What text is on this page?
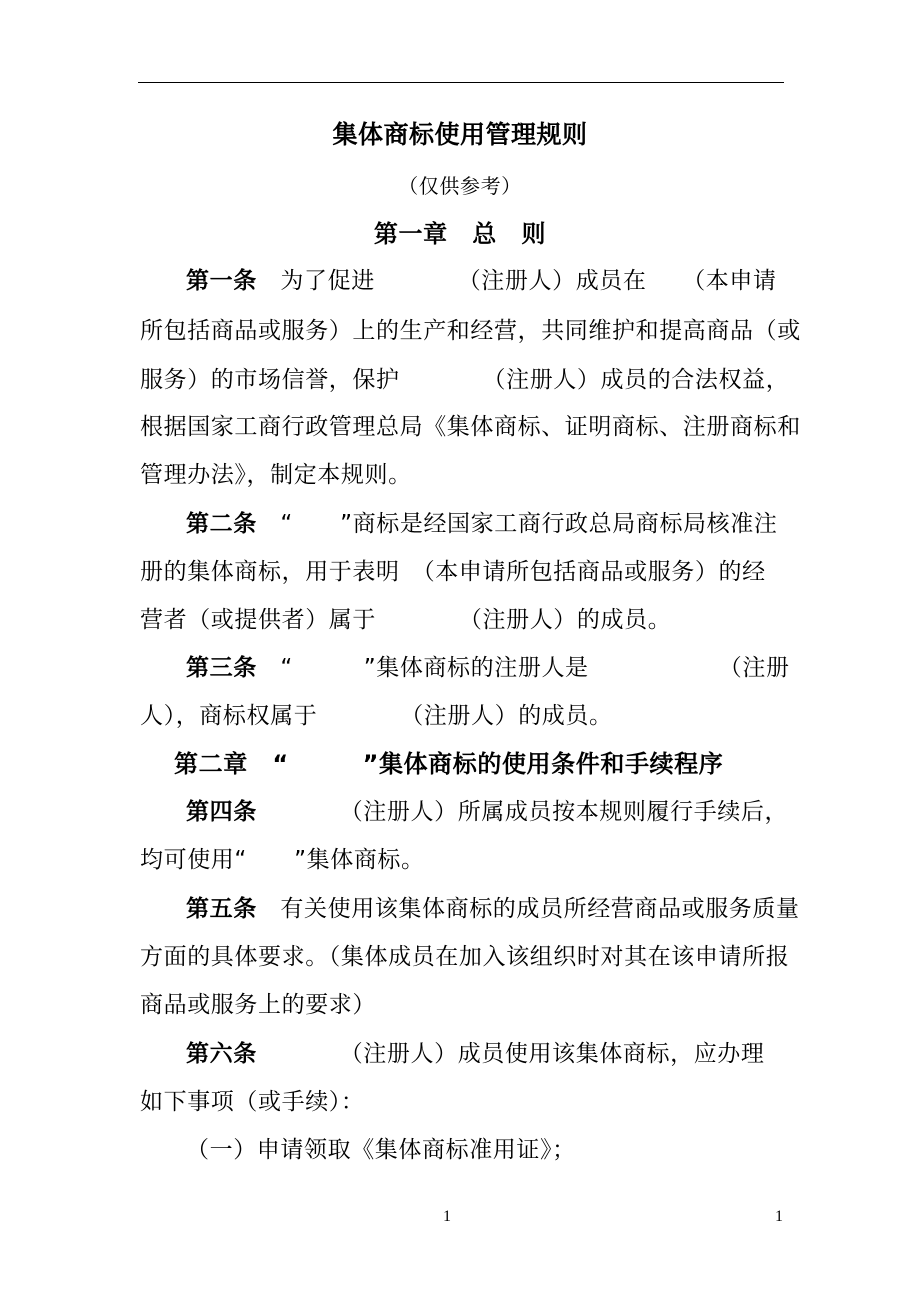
集体商标使用管理规则
（仅供参考）
第一章　总　则
第一条　为了促进　　　　（注册人）成员在　　（本申请
所包括商品或服务）上的生产和经营，共同维护和提高商品（或
服务）的市场信誉，保护　　　　（注册人）成员的合法权益，
根据国家工商行政管理总局《集体商标、证明商标、注册商标和
管理办法》，制定本规则。
第二条　“　　”商标是经国家工商行政总局商标局核准注
册的集体商标，用于表明　（本申请所包括商品或服务）的经
营者（或提供者）属于　　　　（注册人）的成员。
第三条　“　　　”集体商标的注册人是　　　　　　（注册
人），商标权属于　　　　（注册人）的成员。
第二章　“　　　”集体商标的使用条件和手续程序
第四条　　　　（注册人）所属成员按本规则履行手续后，
均可使用“　　”集体商标。
第五条　有关使用该集体商标的成员所经营商品或服务质量
方面的具体要求。（集体成员在加入该组织时对其在该申请所报
商品或服务上的要求）
第六条　　　　（注册人）成员使用该集体商标，应办理
如下事项（或手续）：
（一）申请领取《集体商标准用证》；
1	1
